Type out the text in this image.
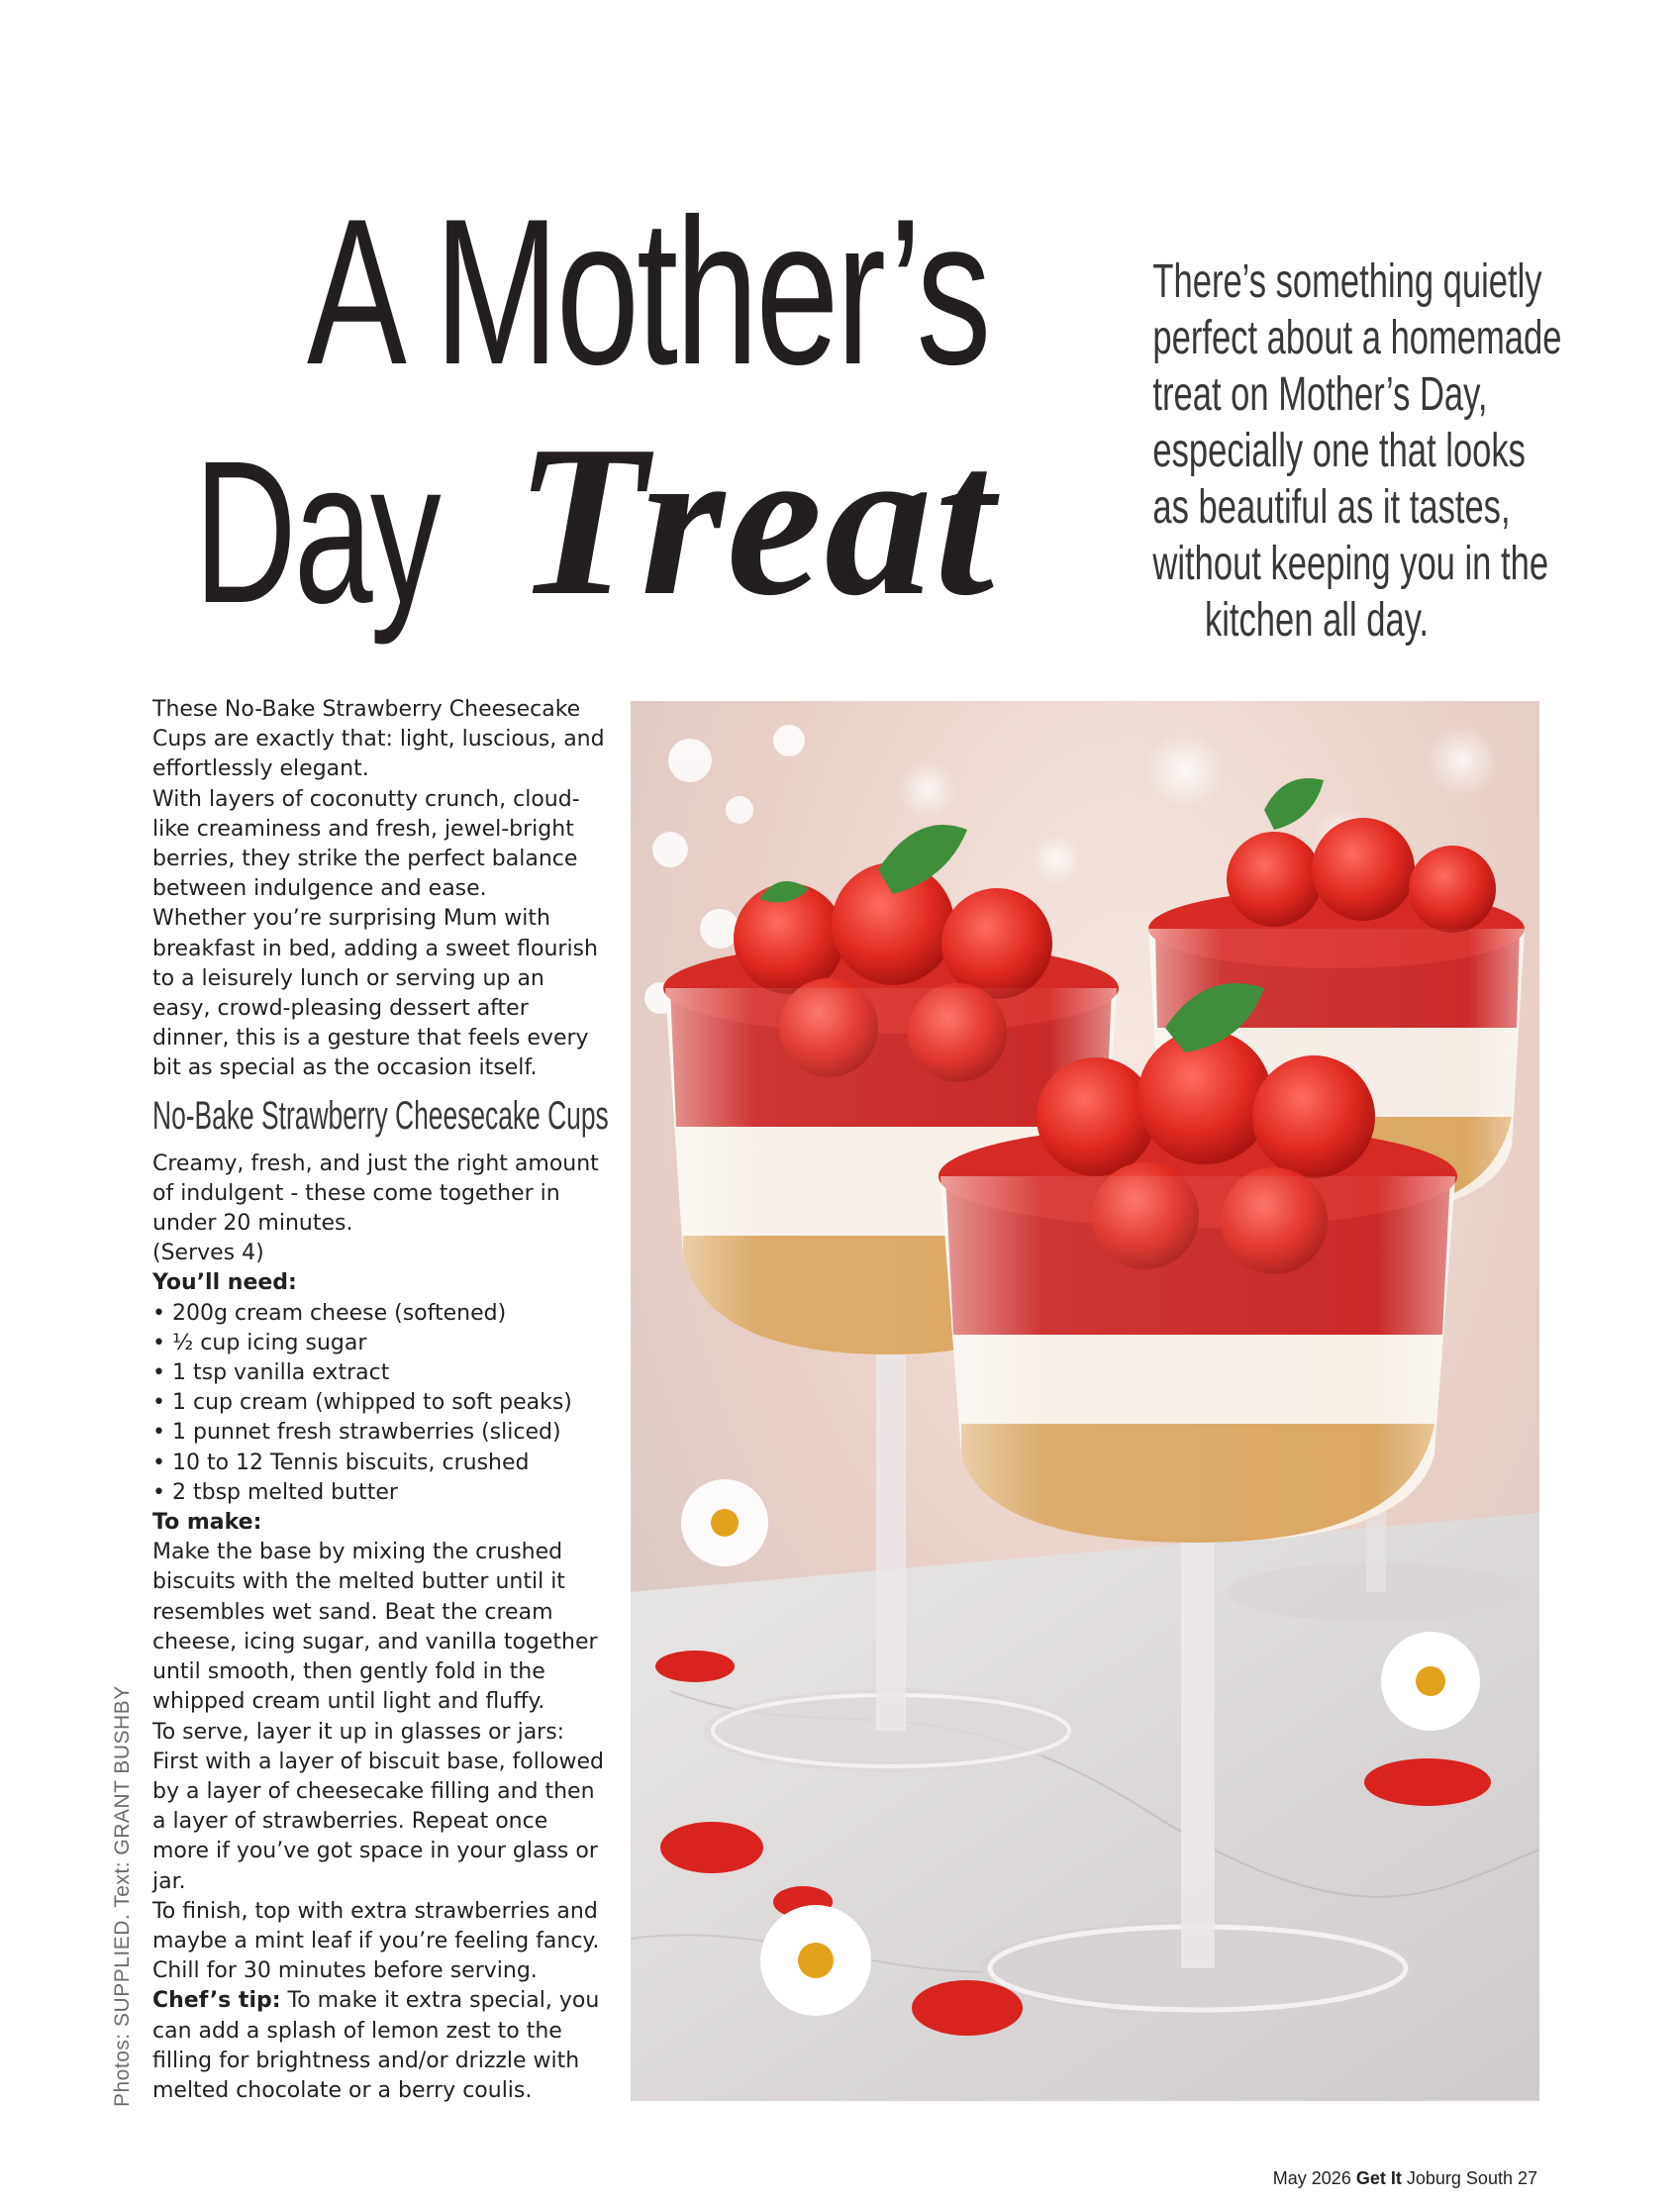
A Mother’s
Day Treat
There’s something quietly
perfect about a homemade
treat on Mother’s Day,
especially one that looks
as beautiful as it tastes,
without keeping you in the
kitchen all day.

These No-Bake Strawberry Cheesecake Cups are exactly that: light, luscious, and effortlessly elegant.

With layers of coconutty crunch, cloud-like creaminess and fresh, jewel-bright berries, they strike the perfect balance between indulgence and ease.

Whether you’re surprising Mum with breakfast in bed, adding a sweet flourish to a leisurely lunch or serving up an easy, crowd-pleasing dessert after dinner, this is a gesture that feels every bit as special as the occasion itself.

No-Bake Strawberry Cheesecake Cups

Creamy, fresh, and just the right amount of indulgent - these come together in under 20 minutes.

(Serves 4)

You’ll need:

• 200g cream cheese (softened)
• ½ cup icing sugar
• 1 tsp vanilla extract
• 1 cup cream (whipped to soft peaks)
• 1 punnet fresh strawberries (sliced)
• 10 to 12 Tennis biscuits, crushed
• 2 tbsp melted butter

To make:

Make the base by mixing the crushed biscuits with the melted butter until it resembles wet sand. Beat the cream cheese, icing sugar, and vanilla together until smooth, then gently fold in the whipped cream until light and fluffy.

To serve, layer it up in glasses or jars: First with a layer of biscuit base, followed by a layer of cheesecake filling and then a layer of strawberries. Repeat once more if you’ve got space in your glass or jar.

To finish, top with extra strawberries and maybe a mint leaf if you’re feeling fancy. Chill for 30 minutes before serving.

Chef’s tip: To make it extra special, you can add a splash of lemon zest to the filling for brightness and/or drizzle with melted chocolate or a berry coulis.

Photos: SUPPLIED. Text: GRANT BUSHBY
May 2026 Get It Joburg South 27
